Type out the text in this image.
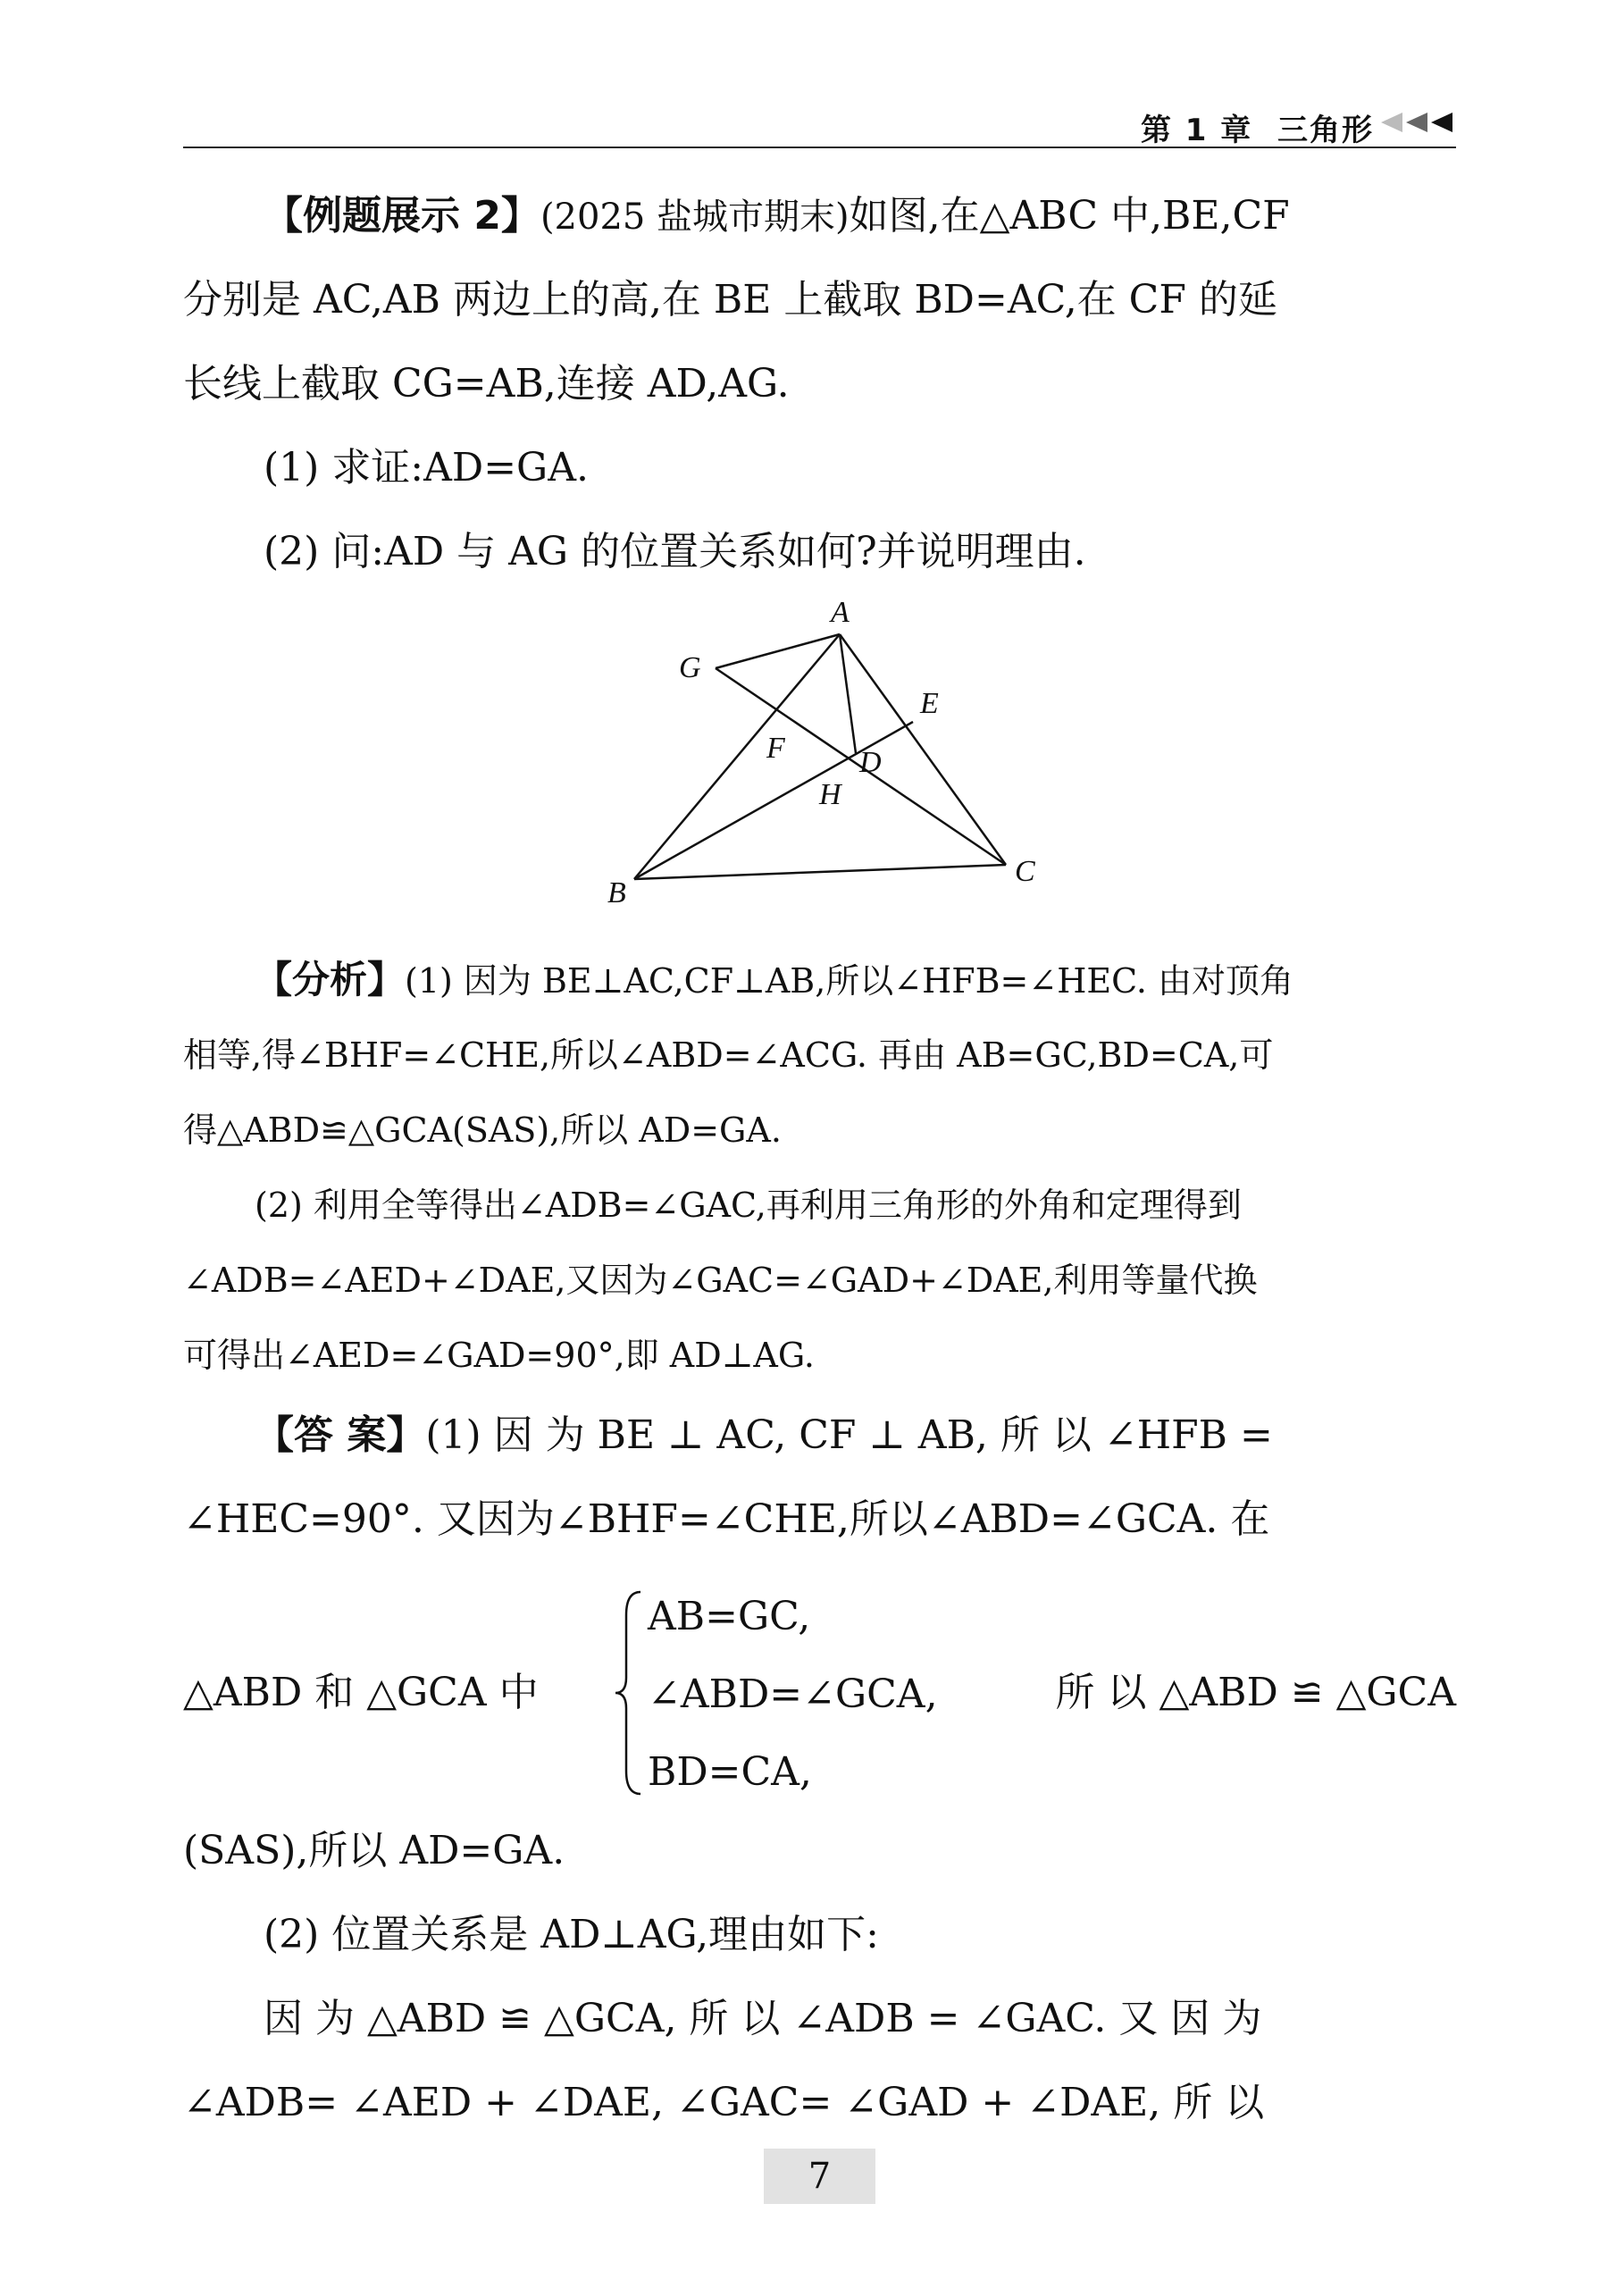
第 1 章 三角形

【例题展示 2】(2025 盐城市期末)如图,在△ABC 中,BE,CF

分别是 AC,AB 两边上的高,在 BE 上截取 BD=AC,在 CF 的延

长线上截取 CG=AB,连接 AD,AG.

(1) 求证:AD=GA.

(2) 问:AD 与 AG 的位置关系如何?并说明理由.

A
G
E
F D
H
B
C

【分析】(1) 因为 BE⊥AC,CF⊥AB,所以∠HFB=∠HEC. 由对顶角

相等,得∠BHF=∠CHE,所以∠ABD=∠ACG. 再由 AB=GC,BD=CA,可

得△ABD≌△GCA(SAS),所以 AD=GA.

(2) 利用全等得出∠ADB=∠GAC,再利用三角形的外角和定理得到

∠ADB=∠AED+∠DAE,又因为∠GAC=∠GAD+∠DAE,利用等量代换

可得出∠AED=∠GAD=90°,即 AD⊥AG.

【答 案】(1) 因 为 BE ⊥ AC, CF ⊥ AB, 所 以 ∠HFB =

∠HEC=90°. 又因为∠BHF=∠CHE,所以∠ABD=∠GCA. 在

△ABD 和 △GCA 中
AB=GC,
∠ABD=∠GCA,
BD=CA,
所 以 △ABD ≌ △GCA

(SAS),所以 AD=GA.

(2) 位置关系是 AD⊥AG,理由如下:

因 为 △ABD ≌ △GCA, 所 以 ∠ADB = ∠GAC. 又 因 为

∠ADB= ∠AED + ∠DAE, ∠GAC= ∠GAD + ∠DAE, 所 以

7
